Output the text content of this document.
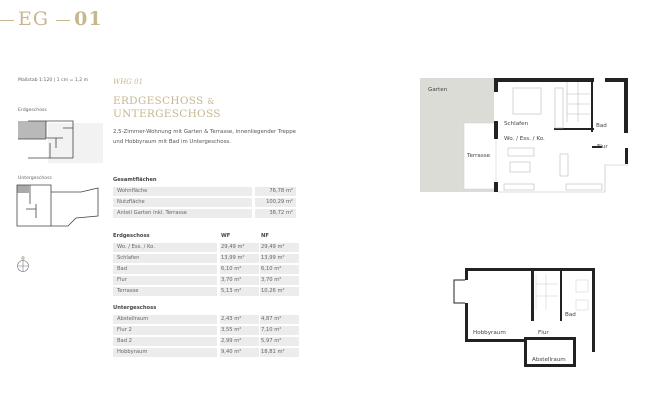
EG 01
Maßstab 1:120 | 1 cm = 1,2 m
Erdgeschoss
Untergeschoss
WHG 01
ERDGESCHOSS &
UNTERGESCHOSS
2,5-Zimmer-Wohnung mit Garten & Terrasse, innenliegender Treppe
und Hobbyraum mit Bad im Untergeschoss.
Gesamtflächen
Wohnfläche	76,78 m²
Nutzfläche	100,29 m²
Anteil Garten inkl. Terrasse	38,72 m²
Erdgeschoss	WF	NF
Wo. / Ess. / Ko.	29,49 m²	29,49 m²
Schlafen	13,99 m²	13,99 m²
Bad	6,10 m²	6,10 m²
Flur	3,70 m²	3,70 m²
Terrasse	5,13 m²	10,26 m²
Untergeschoss
Abstellraum	2,43 m²	4,87 m²
Flur 2	3,55 m²	7,10 m²
Bad 2	2,99 m²	5,97 m²
Hobbyraum	9,40 m²	18,81 m²
Garten
Schlafen
Wo. / Ess. / Ko.
Bad
Flur
Terrasse
Hobbyraum	Flur
Bad
Abstellraum
